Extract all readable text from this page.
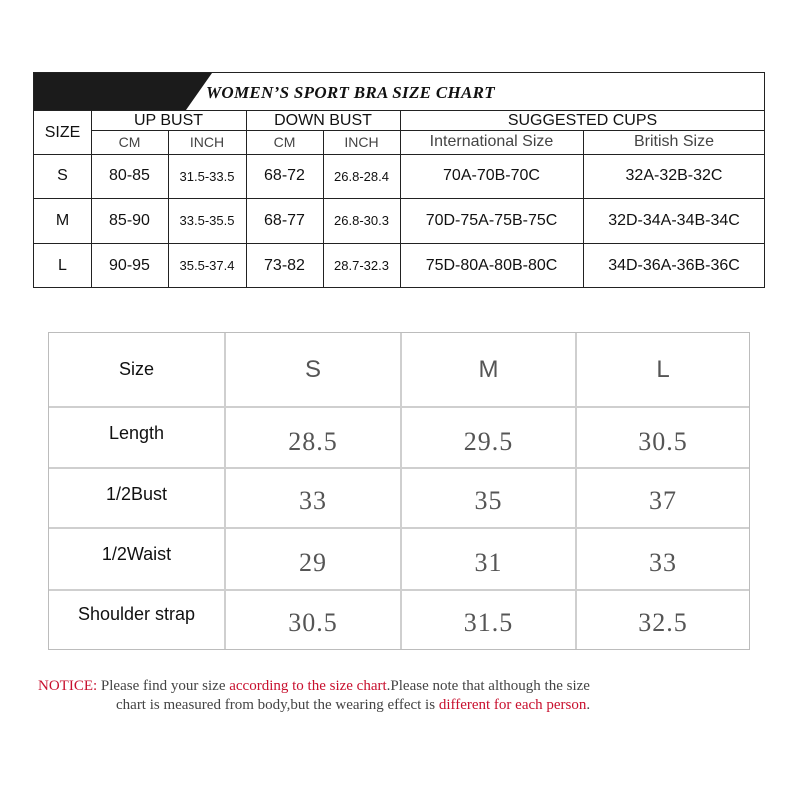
WOMEN’S SPORT BRA SIZE CHART
SIZE
UP BUST	DOWN BUST	SUGGESTED CUPS
CM	INCH	CM	INCH	International Size	British Size
S	80-85	31.5-33.5	68-72	26.8-28.4	70A-70B-70C	32A-32B-32C
M	85-90	33.5-35.5	68-77	26.8-30.3	70D-75A-75B-75C	32D-34A-34B-34C
L	90-95	35.5-37.4	73-82	28.7-32.3	75D-80A-80B-80C	34D-36A-36B-36C
Size	S	M	L
Length	28.5	29.5	30.5
1/2Bust	33	35	37
1/2Waist	29	31	33
Shoulder strap	30.5	31.5	32.5
NOTICE: Please find your size according to the size chart.Please note that although the size
chart is measured from body,but the wearing effect is different for each person.
